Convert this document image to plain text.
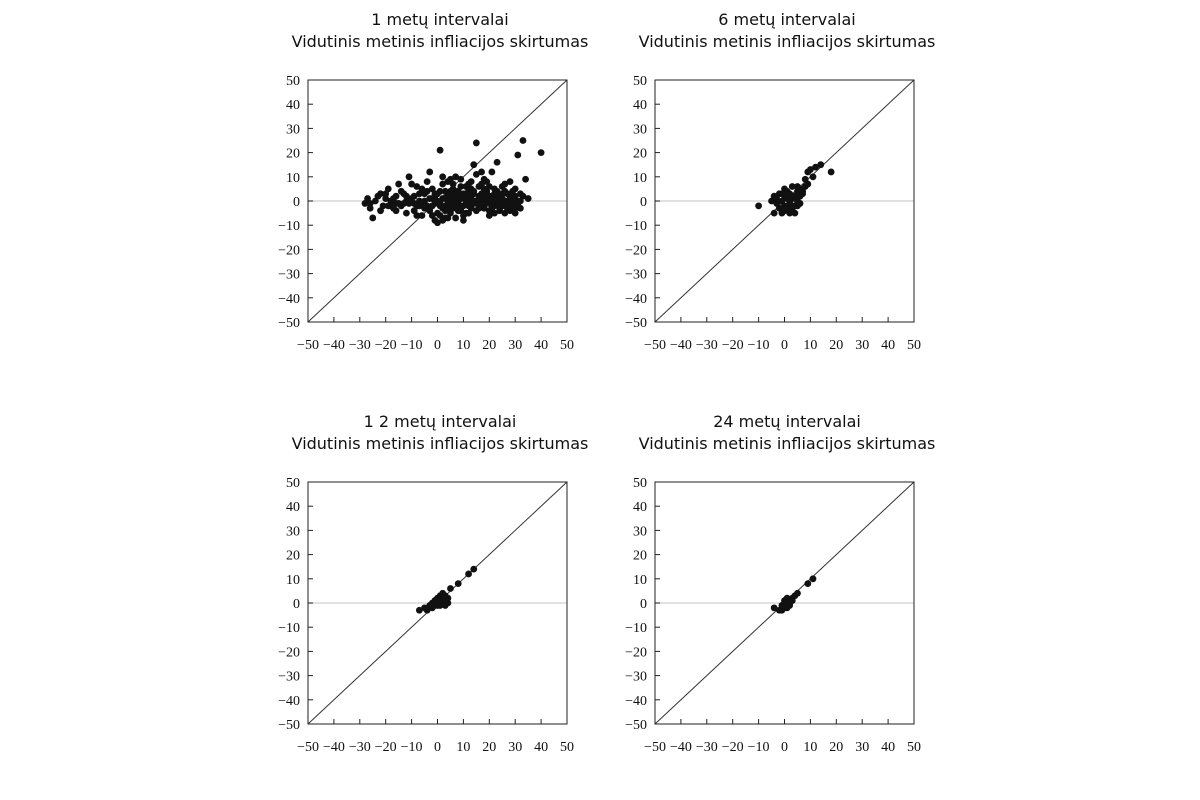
1 metų intervalai
Vidutinis metinis infliacijos skirtumas
50
40
30
20
10
0
−10
−20
−30
−40
−50
−50 −40 −30 −20 −10 0 10 20 30 40 50
6 metų intervalai
Vidutinis metinis infliacijos skirtumas
50
40
30
20
10
0
−10
−20
−30
−40
−50
−50 −40 −30 −20 −10 0 10 20 30 40 50
1 2 metų intervalai
Vidutinis metinis infliacijos skirtumas
50
40
30
20
10
0
−10
−20
−30
−40
−50
−50 −40 −30 −20 −10 0 10 20 30 40 50
24 metų intervalai
Vidutinis metinis infliacijos skirtumas
50
40
30
20
10
0
−10
−20
−30
−40
−50
−50 −40 −30 −20 −10 0 10 20 30 40 50
